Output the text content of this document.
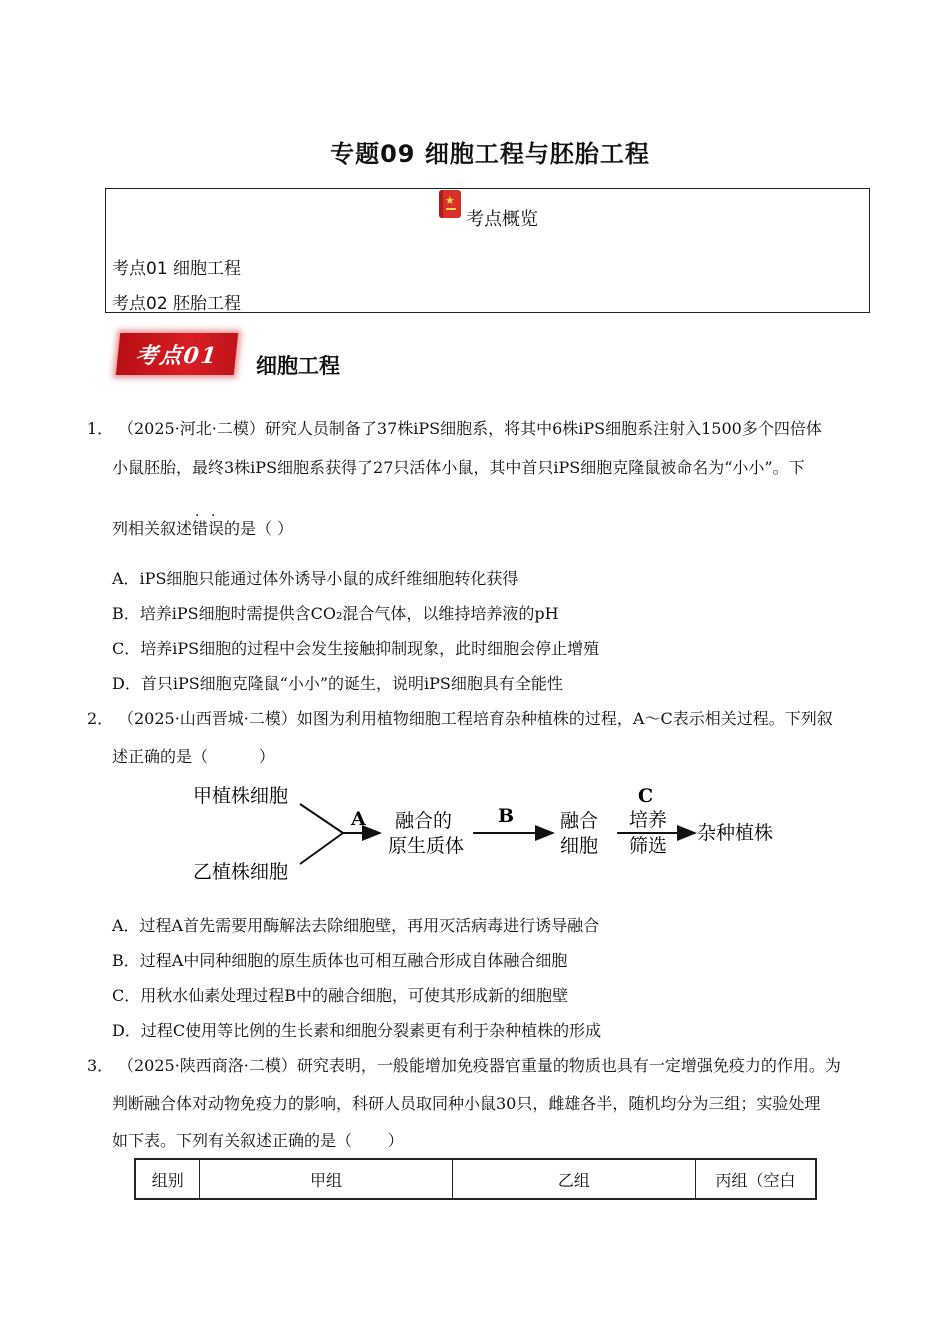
专题09 细胞工程与胚胎工程
★
考点概览
考点01 细胞工程
考点02 胚胎工程
考点01	细胞工程
1． （2025·河北·二模）研究人员制备了37株iPS细胞系，将其中6株iPS细胞系注射入1500多个四倍体
小鼠胚胎，最终3株iPS细胞系获得了27只活体小鼠，其中首只iPS细胞克隆鼠被命名为“小小”。下
列相关叙述
. .
错误的是（ ）
A．iPS细胞只能通过体外诱导小鼠的成纤维细胞转化获得
B．培养iPS细胞时需提供含CO₂混合气体，以维持培养液的pH
C．培养iPS细胞的过程中会发生接触抑制现象，此时细胞会停止增殖
D．首只iPS细胞克隆鼠“小小”的诞生，说明iPS细胞具有全能性
2． （2025·山西晋城·二模）如图为利用植物细胞工程培育杂种植株的过程，A～C表示相关过程。下列叙
述正确的是（          ）
甲植株细胞
乙植株细胞
A 融合的
原生质体
B 融合
细胞
C
培养
筛选
杂种植株
A．过程A首先需要用酶解法去除细胞壁，再用灭活病毒进行诱导融合
B．过程A中同种细胞的原生质体也可相互融合形成自体融合细胞
C．用秋水仙素处理过程B中的融合细胞，可使其形成新的细胞壁
D．过程C使用等比例的生长素和细胞分裂素更有利于杂种植株的形成
3． （2025·陕西商洛·二模）研究表明，一般能增加免疫器官重量的物质也具有一定增强免疫力的作用。为
判断融合体对动物免疫力的影响，科研人员取同种小鼠30只，雌雄各半，随机均分为三组；实验处理
如下表。下列有关叙述正确的是（       ）
组别	甲组	乙组	丙组（空白
